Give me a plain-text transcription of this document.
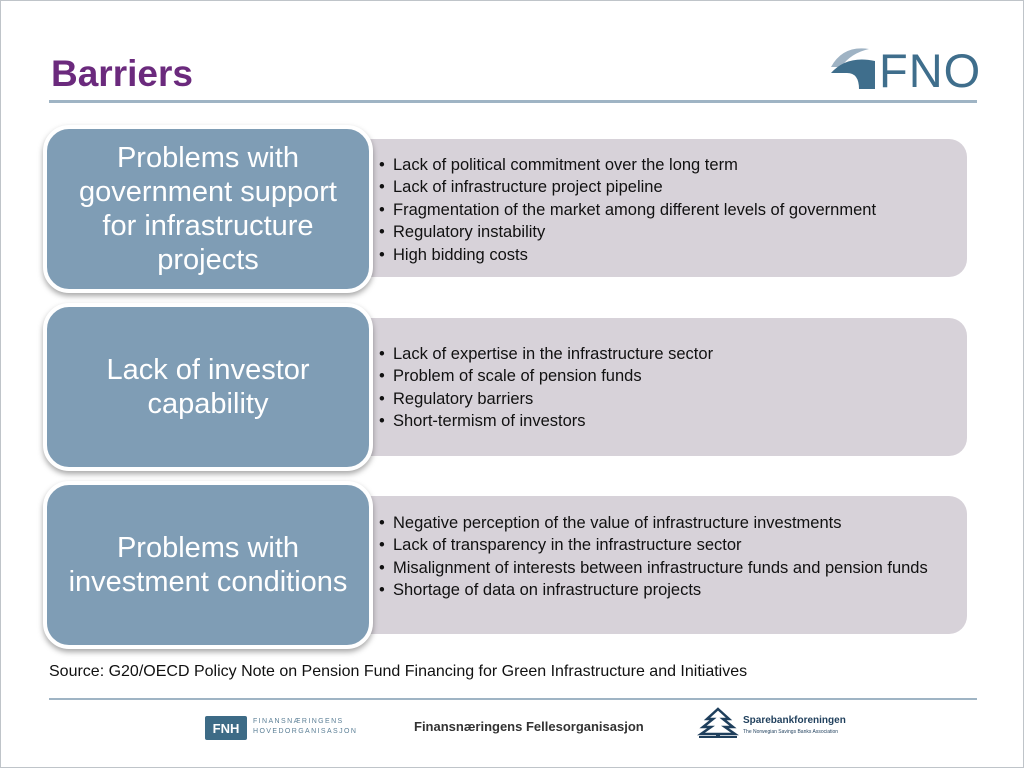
Barriers	FNO
• Lack of political commitment over the long term
• Lack of infrastructure project pipeline
• Fragmentation of the market among different levels of government
• Regulatory instability
• High bidding costs
Problems with government support for infrastructure projects
• Lack of expertise in the infrastructure sector
• Problem of scale of pension funds
• Regulatory barriers
• Short-termism of investors
Lack of investor capability
• Negative perception of the value of infrastructure investments
• Lack of transparency in the infrastructure sector
• Misalignment of interests between infrastructure funds and pension funds
• Shortage of data on infrastructure projects
Problems with investment conditions
Source: G20/OECD Policy Note on Pension Fund Financing for Green Infrastructure and Initiatives
FNH	FINANSNÆRINGENS
HOVEDORGANISASJON	Finansnæringens Fellesorganisasjon	Sparebankforeningen
The Norwegian Savings Banks Association
